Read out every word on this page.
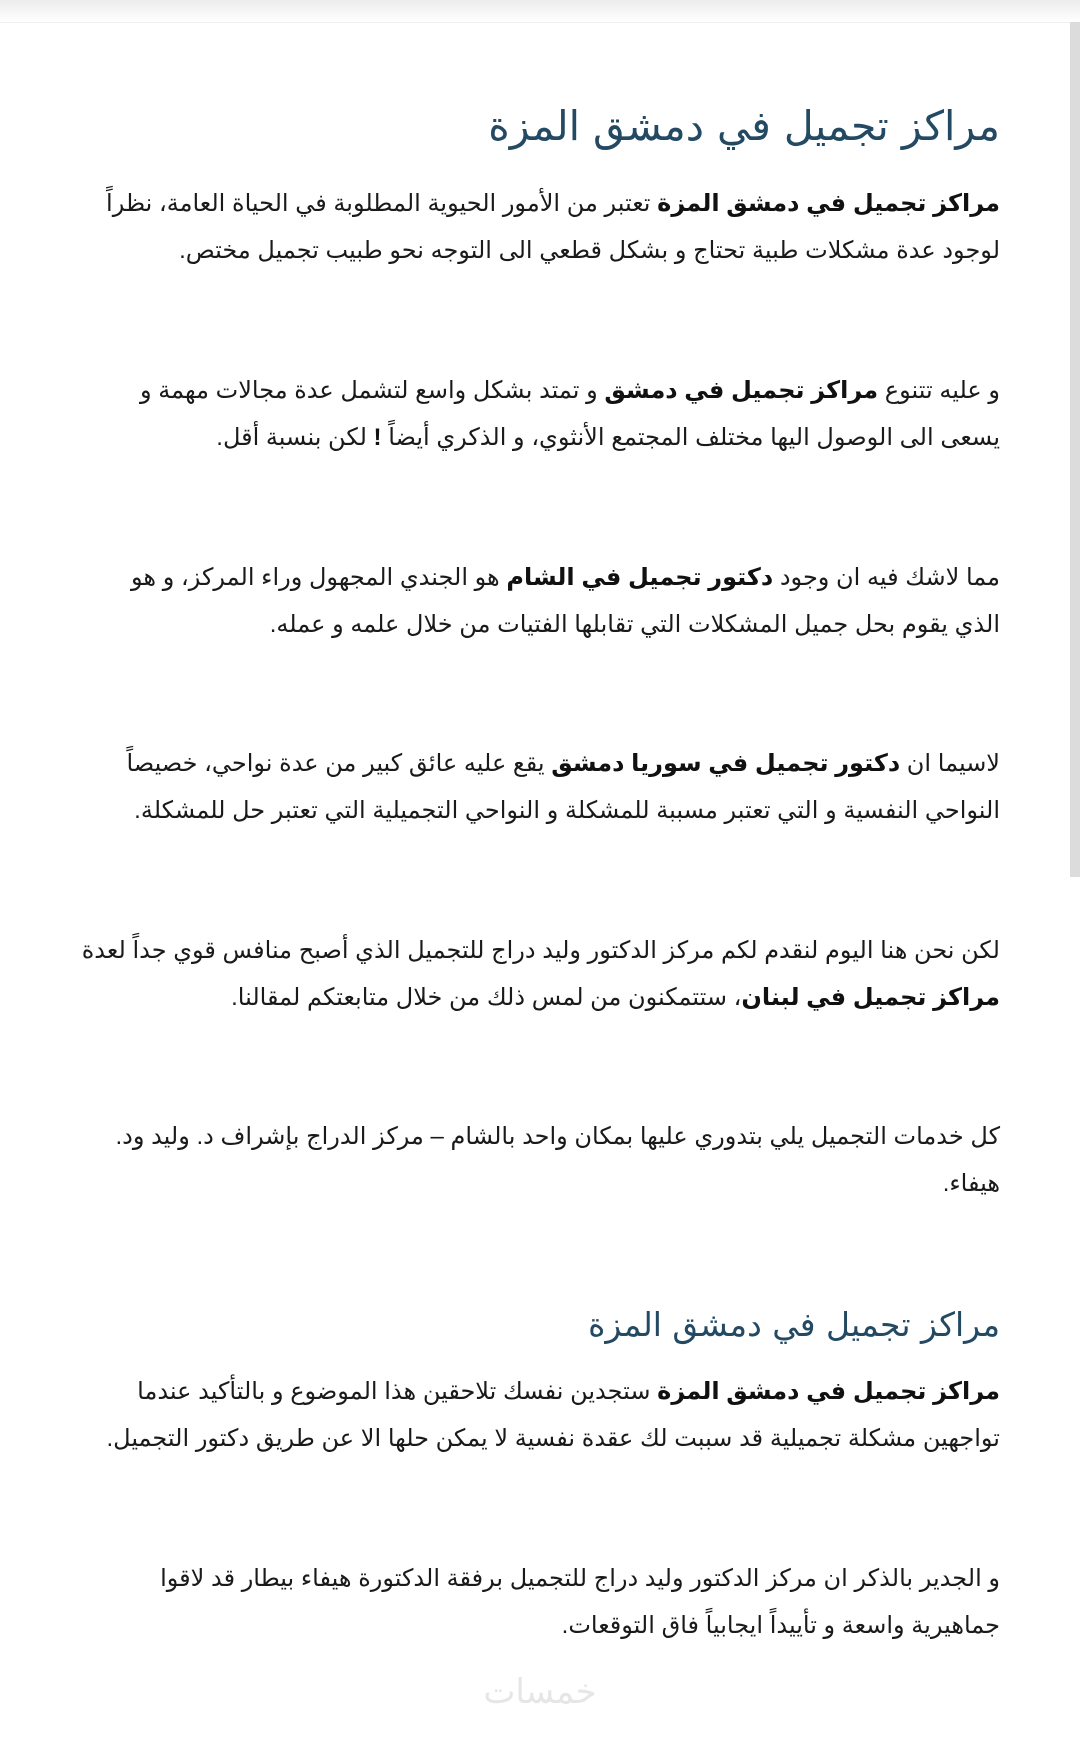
مراكز تجميل في دمشق المزة

مراكز تجميل في دمشق المزة تعتبر من الأمور الحيوية المطلوبة في الحياة العامة، نظراً لوجود عدة مشكلات طبية تحتاج و بشكل قطعي الى التوجه نحو طبيب تجميل مختص.

و عليه تتنوع مراكز تجميل في دمشق و تمتد بشكل واسع لتشمل عدة مجالات مهمة و يسعى الى الوصول اليها مختلف المجتمع الأنثوي، و الذكري أيضاً ! لكن بنسبة أقل.

مما لاشك فيه ان وجود دكتور تجميل في الشام هو الجندي المجهول وراء المركز، و هو الذي يقوم بحل جميل المشكلات التي تقابلها الفتيات من خلال علمه و عمله.

لاسيما ان دكتور تجميل في سوريا دمشق يقع عليه عائق كبير من عدة نواحي، خصيصاً النواحي النفسية و التي تعتبر مسببة للمشكلة و النواحي التجميلية التي تعتبر حل للمشكلة.

لكن نحن هنا اليوم لنقدم لكم مركز الدكتور وليد دراج للتجميل الذي أصبح منافس قوي جداً لعدة مراكز تجميل في لبنان، ستتمكنون من لمس ذلك من خلال متابعتكم لمقالنا.

كل خدمات التجميل يلي بتدوري عليها بمكان واحد بالشام – مركز الدراج بإشراف د. وليد ود. هيفاء.

مراكز تجميل في دمشق المزة

مراكز تجميل في دمشق المزة ستجدين نفسك تلاحقين هذا الموضوع و بالتأكيد عندما تواجهين مشكلة تجميلية قد سببت لك عقدة نفسية لا يمكن حلها الا عن طريق دكتور التجميل.

و الجدير بالذكر ان مركز الدكتور وليد دراج للتجميل برفقة الدكتورة هيفاء بيطار قد لاقوا جماهيرية واسعة و تأييداً ايجابياً فاق التوقعات.

خمسات
